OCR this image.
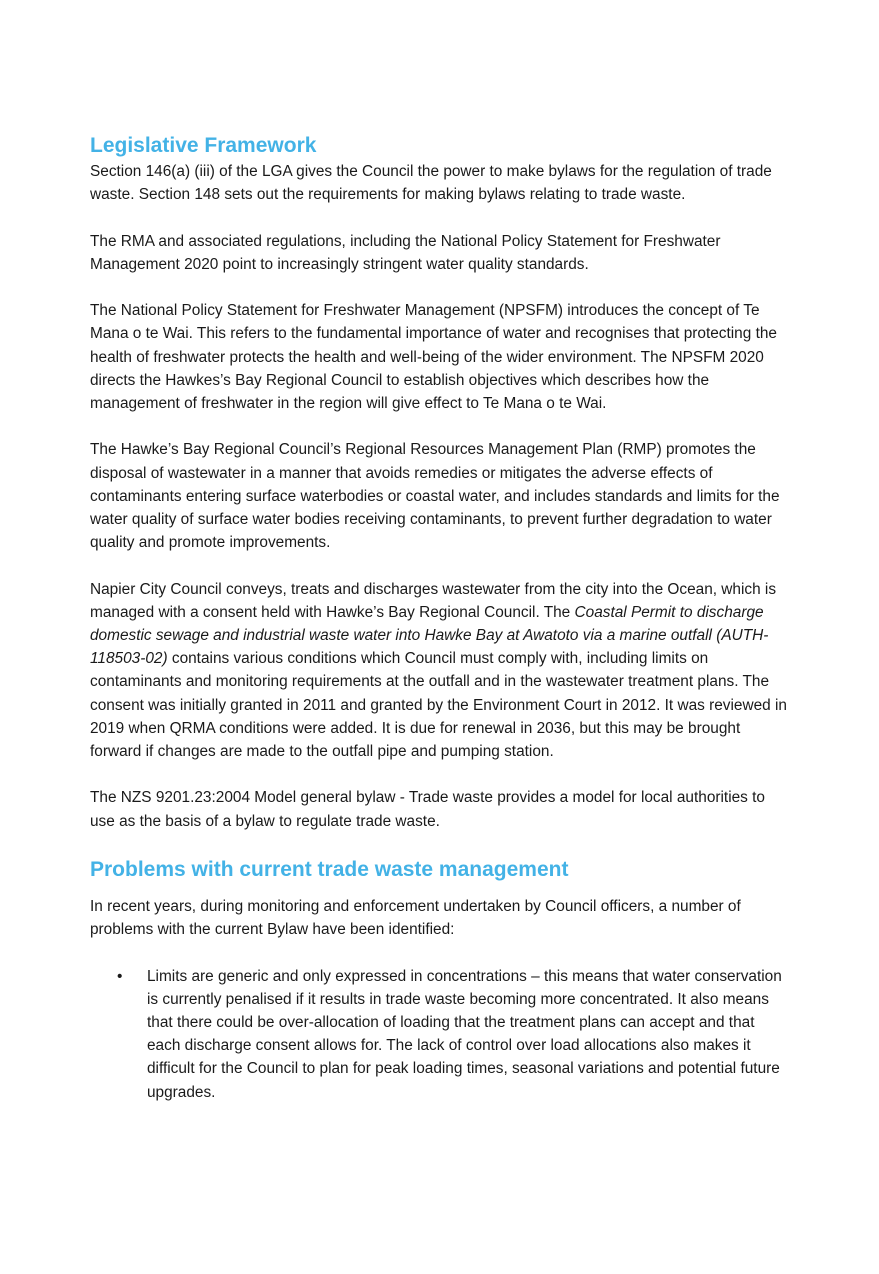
Legislative Framework

Section 146(a) (iii) of the LGA gives the Council the power to make bylaws for the regulation of trade waste. Section 148 sets out the requirements for making bylaws relating to trade waste.

The RMA and associated regulations, including the National Policy Statement for Freshwater Management 2020 point to increasingly stringent water quality standards.

The National Policy Statement for Freshwater Management (NPSFM) introduces the concept of Te Mana o te Wai. This refers to the fundamental importance of water and recognises that protecting the health of freshwater protects the health and well-being of the wider environment. The NPSFM 2020 directs the Hawkes’s Bay Regional Council to establish objectives which describes how the management of freshwater in the region will give effect to Te Mana o te Wai.

The Hawke’s Bay Regional Council’s Regional Resources Management Plan (RMP) promotes the disposal of wastewater in a manner that avoids remedies or mitigates the adverse effects of contaminants entering surface waterbodies or coastal water, and includes standards and limits for the water quality of surface water bodies receiving contaminants, to prevent further degradation to water quality and promote improvements.

Napier City Council conveys, treats and discharges wastewater from the city into the Ocean, which is managed with a consent held with Hawke’s Bay Regional Council. The Coastal Permit to discharge domestic sewage and industrial waste water into Hawke Bay at Awatoto via a marine outfall (AUTH-118503-02) contains various conditions which Council must comply with, including limits on contaminants and monitoring requirements at the outfall and in the wastewater treatment plans. The consent was initially granted in 2011 and granted by the Environment Court in 2012. It was reviewed in 2019 when QRMA conditions were added. It is due for renewal in 2036, but this may be brought forward if changes are made to the outfall pipe and pumping station.

The NZS 9201.23:2004 Model general bylaw - Trade waste provides a model for local authorities to use as the basis of a bylaw to regulate trade waste.

Problems with current trade waste management

In recent years, during monitoring and enforcement undertaken by Council officers, a number of problems with the current Bylaw have been identified:

• Limits are generic and only expressed in concentrations – this means that water conservation is currently penalised if it results in trade waste becoming more concentrated. It also means that there could be over-allocation of loading that the treatment plans can accept and that each discharge consent allows for. The lack of control over load allocations also makes it difficult for the Council to plan for peak loading times, seasonal variations and potential future upgrades.
